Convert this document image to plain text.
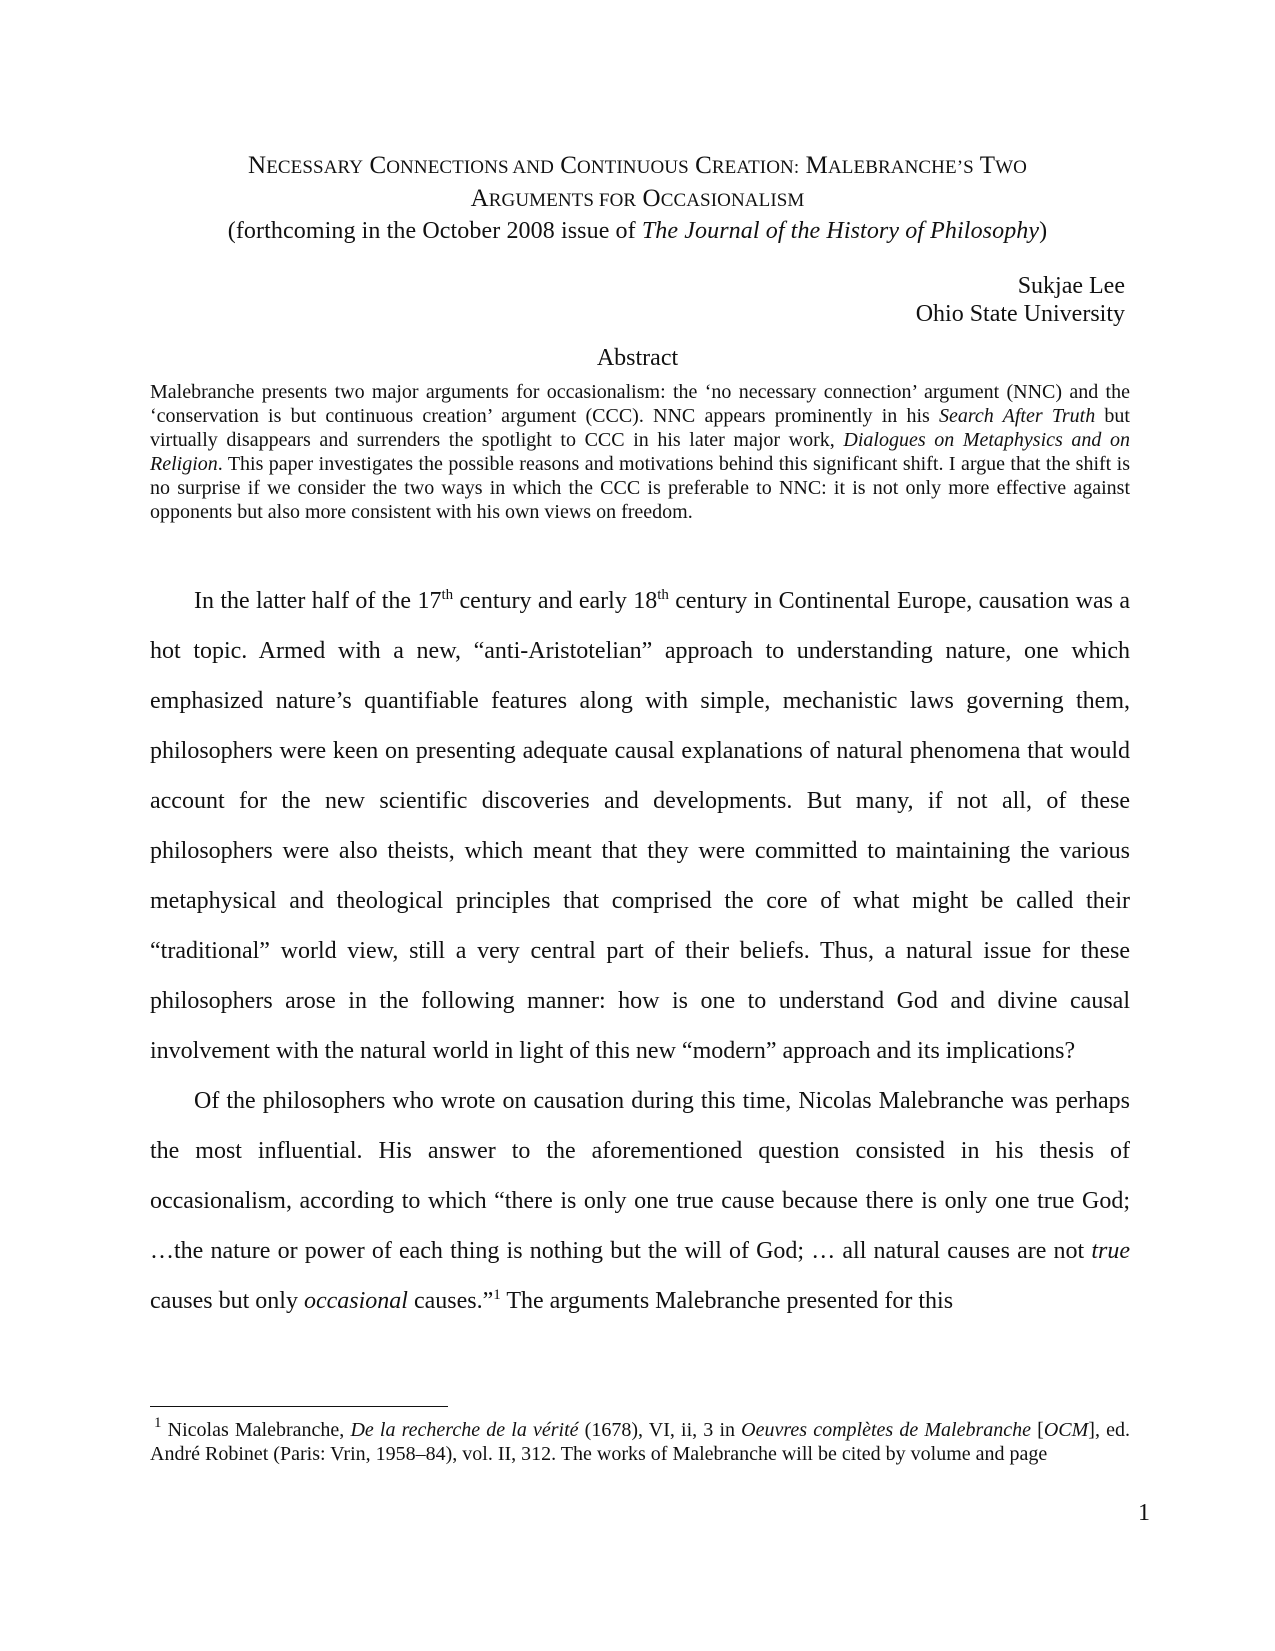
NECESSARY CONNECTIONS AND CONTINUOUS CREATION: MALEBRANCHE’S TWO
ARGUMENTS FOR OCCASIONALISM
(forthcoming in the October 2008 issue of The Journal of the History of Philosophy)
Sukjae Lee
Ohio State University
Abstract
Malebranche presents two major arguments for occasionalism: the ‘no necessary connection’ argument (NNC) and the ‘conservation is but continuous creation’ argument (CCC). NNC appears prominently in his Search After Truth but virtually disappears and surrenders the spotlight to CCC in his later major work, Dialogues on Metaphysics and on Religion. This paper investigates the possible reasons and motivations behind this significant shift. I argue that the shift is no surprise if we consider the two ways in which the CCC is preferable to NNC: it is not only more effective against opponents but also more consistent with his own views on freedom.

In the latter half of the 17th century and early 18th century in Continental Europe, causation was a hot topic. Armed with a new, “anti-Aristotelian” approach to understanding nature, one which emphasized nature’s quantifiable features along with simple, mechanistic laws governing them, philosophers were keen on presenting adequate causal explanations of natural phenomena that would account for the new scientific discoveries and developments. But many, if not all, of these philosophers were also theists, which meant that they were committed to maintaining the various metaphysical and theological principles that comprised the core of what might be called their “traditional” world view, still a very central part of their beliefs. Thus, a natural issue for these philosophers arose in the following manner: how is one to understand God and divine causal involvement with the natural world in light of this new “modern” approach and its implications?

Of the philosophers who wrote on causation during this time, Nicolas Malebranche was perhaps the most influential. His answer to the aforementioned question consisted in his thesis of occasionalism, according to which “there is only one true cause because there is only one true God; …the nature or power of each thing is nothing but the will of God; … all natural causes are not true causes but only occasional causes.”$^1$ The arguments Malebranche presented for this

$^1$ Nicolas Malebranche, De la recherche de la vérité (1678), VI, ii, 3 in Oeuvres complètes de Malebranche [OCM], ed. André Robinet (Paris: Vrin, 1958–84), vol. II, 312. The works of Malebranche will be cited by volume and page

1
